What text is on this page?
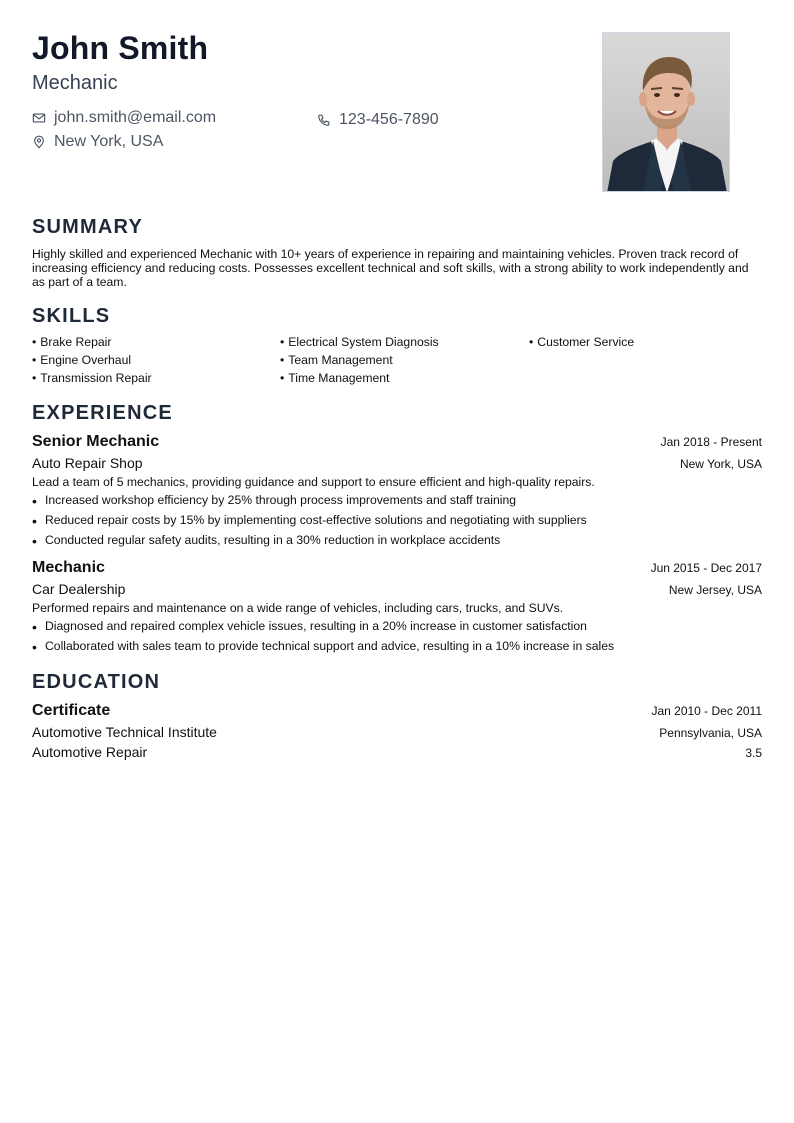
John Smith
Mechanic
john.smith@email.com
New York, USA
123-456-7890
SUMMARY
Highly skilled and experienced Mechanic with 10+ years of experience in repairing and maintaining vehicles. Proven track record of increasing efficiency and reducing costs. Possesses excellent technical and soft skills, with a strong ability to work independently and as part of a team.
SKILLS
• Brake Repair	• Electrical System Diagnosis	• Customer Service
• Engine Overhaul	• Team Management
• Transmission Repair	• Time Management
EXPERIENCE
Senior Mechanic	Jan 2018 - Present
Auto Repair Shop	New York, USA
Lead a team of 5 mechanics, providing guidance and support to ensure efficient and high-quality repairs.
• Increased workshop efficiency by 25% through process improvements and staff training
• Reduced repair costs by 15% by implementing cost-effective solutions and negotiating with suppliers
• Conducted regular safety audits, resulting in a 30% reduction in workplace accidents
Mechanic	Jun 2015 - Dec 2017
Car Dealership	New Jersey, USA
Performed repairs and maintenance on a wide range of vehicles, including cars, trucks, and SUVs.
• Diagnosed and repaired complex vehicle issues, resulting in a 20% increase in customer satisfaction
• Collaborated with sales team to provide technical support and advice, resulting in a 10% increase in sales
EDUCATION
Certificate	Jan 2010 - Dec 2011
Automotive Technical Institute	Pennsylvania, USA
Automotive Repair	3.5
